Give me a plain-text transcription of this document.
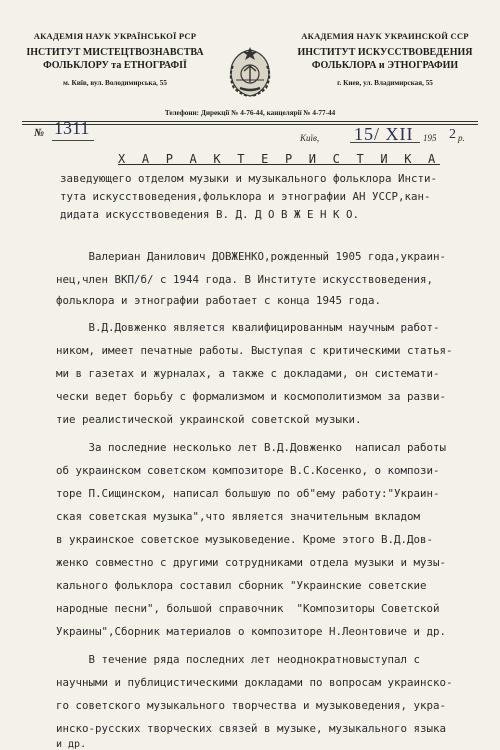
АКАДЕМІЯ НАУК УКРАЇНСЬКОЇ РСР
ІНСТИТУТ МИСТЕЦТВОЗНАВСТВА
ФОЛЬКЛОРУ та ЕТНОГРАФІЇ
м. Київ, вул. Володимирська, 55
АКАДЕМИЯ НАУК УКРАИНСКОЙ ССР
ИНСТИТУТ ИСКУССТВОВЕДЕНИЯ
ФОЛЬКЛОРА и ЭТНОГРАФИИ
г. Киев, ул. Владимирская, 55
Телефони: Дирекції № 4-76-44, канцелярії № 4-77-44
№ 1311	Київ, 15/ XII 195 2 р.
Х А Р А К Т Е Р И С Т И К А
заведующего отделом музыки и музыкального фольклора Инсти-
тута искусствоведения,фольклора и этнографии АН УССР,кан-
дидата искусствоведения В. Д. Д О В Ж Е Н К О.
Валериан Данилович ДОВЖЕНКО,рожденный 1905 года,украин-
нец,член ВКП/б/ с 1944 года. В Институте искусствоведения,
фольклора и этнографии работает с конца 1945 года.
В.Д.Довженко является квалифицированным научным работ-
ником, имеет печатные работы. Выступая с критическими статья-
ми в газетах и журналах, а также с докладами, он системати-
чески ведет борьбу с формализмом и космополитизмом за разви-
тие реалистической украинской советской музыки.
За последние несколько лет В.Д.Довженко  написал работы
об украинском советском композиторе В.С.Косенко, о компози-
торе П.Сищинском, написал большую по об"ему работу:"Украин-
ская советская музыка",что является значительным вкладом
в украинское советское музыковедение. Кроме этого В.Д.Дов-
женко совместно с другими сотрудниками отдела музыки и музы-
кального фольклора составил сборник "Украинские советские
народные песни", большой справочник  "Композиторы Советской
Украины",Сборник материалов о композиторе Н.Леонтовиче и др.
В течение ряда последних лет неоднократновыступал с
научными и публицистическими докладами по вопросам украинско-
го советского музыкального творчества и музыковедения, укра-
инско-русских творческих связей в музыке, музыкального языка
и др.
